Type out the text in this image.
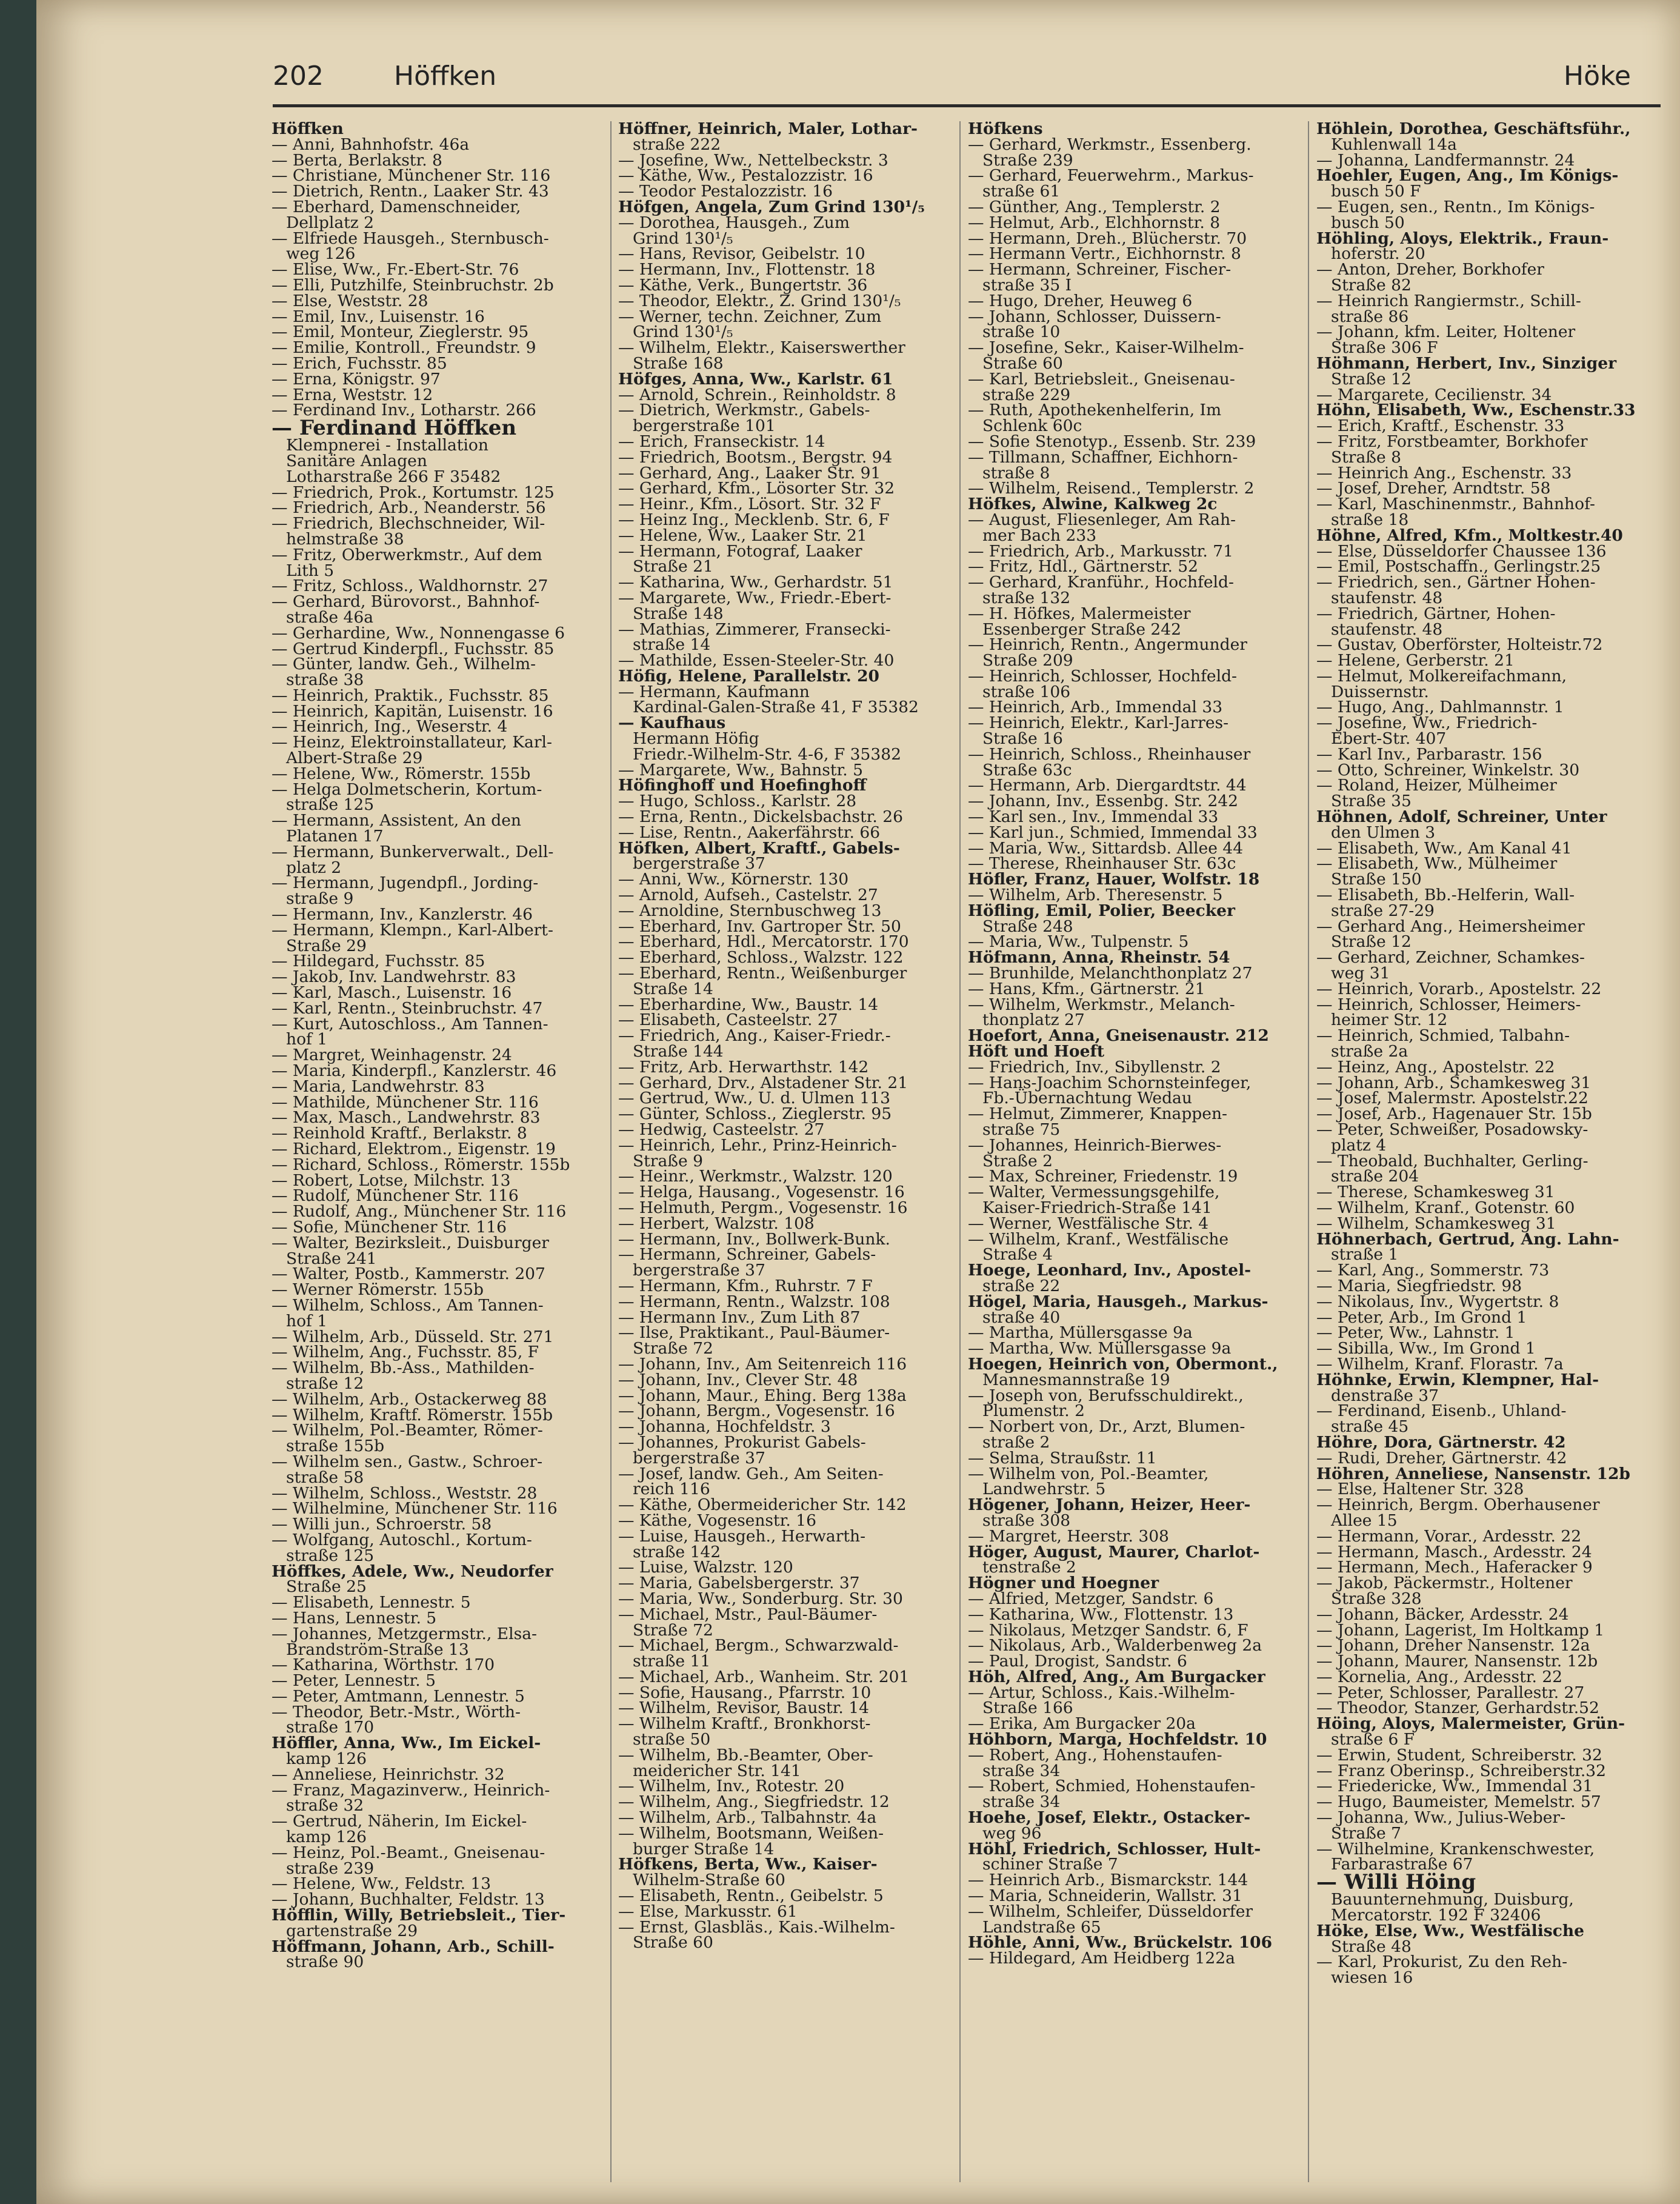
202	Höffken	Höke
Höffken
— Anni, Bahnhofstr. 46a
— Berta, Berlakstr. 8
— Christiane, Münchener Str. 116
— Dietrich, Rentn., Laaker Str. 43
— Eberhard, Damenschneider,
Dellplatz 2
— Elfriede Hausgeh., Sternbusch-
weg 126
— Elise, Ww., Fr.-Ebert-Str. 76
— Elli, Putzhilfe, Steinbruchstr. 2b
— Else, Weststr. 28
— Emil, Inv., Luisenstr. 16
— Emil, Monteur, Zieglerstr. 95
— Emilie, Kontroll., Freundstr. 9
— Erich, Fuchsstr. 85
— Erna, Königstr. 97
— Erna, Weststr. 12
— Ferdinand Inv., Lotharstr. 266
— Ferdinand Höffken
Klempnerei - Installation
Sanitäre Anlagen
Lotharstraße 266 F 35482
— Friedrich, Prok., Kortumstr. 125
— Friedrich, Arb., Neanderstr. 56
— Friedrich, Blechschneider, Wil-
helmstraße 38
— Fritz, Oberwerkmstr., Auf dem
Lith 5
— Fritz, Schloss., Waldhornstr. 27
— Gerhard, Bürovorst., Bahnhof-
straße 46a
— Gerhardine, Ww., Nonnengasse 6
— Gertrud Kinderpfl., Fuchsstr. 85
— Günter, landw. Geh., Wilhelm-
straße 38
— Heinrich, Praktik., Fuchsstr. 85
— Heinrich, Kapitän, Luisenstr. 16
— Heinrich, Ing., Weserstr. 4
— Heinz, Elektroinstallateur, Karl-
Albert-Straße 29
— Helene, Ww., Römerstr. 155b
— Helga Dolmetscherin, Kortum-
straße 125
— Hermann, Assistent, An den
Platanen 17
— Hermann, Bunkerverwalt., Dell-
platz 2
— Hermann, Jugendpfl., Jording-
straße 9
— Hermann, Inv., Kanzlerstr. 46
— Hermann, Klempn., Karl-Albert-
Straße 29
— Hildegard, Fuchsstr. 85
— Jakob, Inv. Landwehrstr. 83
— Karl, Masch., Luisenstr. 16
— Karl, Rentn., Steinbruchstr. 47
— Kurt, Autoschloss., Am Tannen-
hof 1
— Margret, Weinhagenstr. 24
— Maria, Kinderpfl., Kanzlerstr. 46
— Maria, Landwehrstr. 83
— Mathilde, Münchener Str. 116
— Max, Masch., Landwehrstr. 83
— Reinhold Kraftf., Berlakstr. 8
— Richard, Elektrom., Eigenstr. 19
— Richard, Schloss., Römerstr. 155b
— Robert, Lotse, Milchstr. 13
— Rudolf, Münchener Str. 116
— Rudolf, Ang., Münchener Str. 116
— Sofie, Münchener Str. 116
— Walter, Bezirksleit., Duisburger
Straße 241
— Walter, Postb., Kammerstr. 207
— Werner Römerstr. 155b
— Wilhelm, Schloss., Am Tannen-
hof 1
— Wilhelm, Arb., Düsseld. Str. 271
— Wilhelm, Ang., Fuchsstr. 85, F
— Wilhelm, Bb.-Ass., Mathilden-
straße 12
— Wilhelm, Arb., Ostackerweg 88
— Wilhelm, Kraftf. Römerstr. 155b
— Wilhelm, Pol.-Beamter, Römer-
straße 155b
— Wilhelm sen., Gastw., Schroer-
straße 58
— Wilhelm, Schloss., Weststr. 28
— Wilhelmine, Münchener Str. 116
— Willi jun., Schroerstr. 58
— Wolfgang, Autoschl., Kortum-
straße 125
Höffkes, Adele, Ww., Neudorfer
Straße 25
— Elisabeth, Lennestr. 5
— Hans, Lennestr. 5
— Johannes, Metzgermstr., Elsa-
Brandström-Straße 13
— Katharina, Wörthstr. 170
— Peter, Lennestr. 5
— Peter, Amtmann, Lennestr. 5
— Theodor, Betr.-Mstr., Wörth-
straße 170
Höffler, Anna, Ww., Im Eickel-
kamp 126
— Anneliese, Heinrichstr. 32
— Franz, Magazinverw., Heinrich-
straße 32
— Gertrud, Näherin, Im Eickel-
kamp 126
— Heinz, Pol.-Beamt., Gneisenau-
straße 239
— Helene, Ww., Feldstr. 13
— Johann, Buchhalter, Feldstr. 13
Höfflin, Willy, Betriebsleit., Tier-
gartenstraße 29
Höffmann, Johann, Arb., Schill-
straße 90
Höffner, Heinrich, Maler, Lothar-
straße 222
— Josefine, Ww., Nettelbeckstr. 3
— Käthe, Ww., Pestalozzistr. 16
— Teodor Pestalozzistr. 16
Höfgen, Angela, Zum Grind 130¹/₅
— Dorothea, Hausgeh., Zum
Grind 130¹/₅
— Hans, Revisor, Geibelstr. 10
— Hermann, Inv., Flottenstr. 18
— Käthe, Verk., Bungertstr. 36
— Theodor, Elektr., Z. Grind 130¹/₅
— Werner, techn. Zeichner, Zum
Grind 130¹/₅
— Wilhelm, Elektr., Kaiserswerther
Straße 168
Höfges, Anna, Ww., Karlstr. 61
— Arnold, Schrein., Reinholdstr. 8
— Dietrich, Werkmstr., Gabels-
bergerstraße 101
— Erich, Franseckistr. 14
— Friedrich, Bootsm., Bergstr. 94
— Gerhard, Ang., Laaker Str. 91
— Gerhard, Kfm., Lösorter Str. 32
— Heinr., Kfm., Lösort. Str. 32 F
— Heinz Ing., Mecklenb. Str. 6, F
— Helene, Ww., Laaker Str. 21
— Hermann, Fotograf, Laaker
Straße 21
— Katharina, Ww., Gerhardstr. 51
— Margarete, Ww., Friedr.-Ebert-
Straße 148
— Mathias, Zimmerer, Fransecki-
straße 14
— Mathilde, Essen-Steeler-Str. 40
Höfig, Helene, Parallelstr. 20
— Hermann, Kaufmann
Kardinal-Galen-Straße 41, F 35382
— Kaufhaus
Hermann Höfig
Friedr.-Wilhelm-Str. 4-6, F 35382
— Margarete, Ww., Bahnstr. 5
Höfinghoff und Hoefinghoff
— Hugo, Schloss., Karlstr. 28
— Erna, Rentn., Dickelsbachstr. 26
— Lise, Rentn., Aakerfährstr. 66
Höfken, Albert, Kraftf., Gabels-
bergerstraße 37
— Anni, Ww., Körnerstr. 130
— Arnold, Aufseh., Castelstr. 27
— Arnoldine, Sternbuschweg 13
— Eberhard, Inv. Gartroper Str. 50
— Eberhard, Hdl., Mercatorstr. 170
— Eberhard, Schloss., Walzstr. 122
— Eberhard, Rentn., Weißenburger
Straße 14
— Eberhardine, Ww., Baustr. 14
— Elisabeth, Casteelstr. 27
— Friedrich, Ang., Kaiser-Friedr.-
Straße 144
— Fritz, Arb. Herwarthstr. 142
— Gerhard, Drv., Alstadener Str. 21
— Gertrud, Ww., U. d. Ulmen 113
— Günter, Schloss., Zieglerstr. 95
— Hedwig, Casteelstr. 27
— Heinrich, Lehr., Prinz-Heinrich-
Straße 9
— Heinr., Werkmstr., Walzstr. 120
— Helga, Hausang., Vogesenstr. 16
— Helmuth, Pergm., Vogesenstr. 16
— Herbert, Walzstr. 108
— Hermann, Inv., Bollwerk-Bunk.
— Hermann, Schreiner, Gabels-
bergerstraße 37
— Hermann, Kfm., Ruhrstr. 7 F
— Hermann, Rentn., Walzstr. 108
— Hermann Inv., Zum Lith 87
— Ilse, Praktikant., Paul-Bäumer-
Straße 72
— Johann, Inv., Am Seitenreich 116
— Johann, Inv., Clever Str. 48
— Johann, Maur., Ehing. Berg 138a
— Johann, Bergm., Vogesenstr. 16
— Johanna, Hochfeldstr. 3
— Johannes, Prokurist Gabels-
bergerstraße 37
— Josef, landw. Geh., Am Seiten-
reich 116
— Käthe, Obermeidericher Str. 142
— Käthe, Vogesenstr. 16
— Luise, Hausgeh., Herwarth-
straße 142
— Luise, Walzstr. 120
— Maria, Gabelsbergerstr. 37
— Maria, Ww., Sonderburg. Str. 30
— Michael, Mstr., Paul-Bäumer-
Straße 72
— Michael, Bergm., Schwarzwald-
straße 11
— Michael, Arb., Wanheim. Str. 201
— Sofie, Hausang., Pfarrstr. 10
— Wilhelm, Revisor, Baustr. 14
— Wilhelm Kraftf., Bronkhorst-
straße 50
— Wilhelm, Bb.-Beamter, Ober-
meidericher Str. 141
— Wilhelm, Inv., Rotestr. 20
— Wilhelm, Ang., Siegfriedstr. 12
— Wilhelm, Arb., Talbahnstr. 4a
— Wilhelm, Bootsmann, Weißen-
burger Straße 14
Höfkens, Berta, Ww., Kaiser-
Wilhelm-Straße 60
— Elisabeth, Rentn., Geibelstr. 5
— Else, Markusstr. 61
— Ernst, Glasbläs., Kais.-Wilhelm-
Straße 60
Höfkens
— Gerhard, Werkmstr., Essenberg.
Straße 239
— Gerhard, Feuerwehrm., Markus-
straße 61
— Günther, Ang., Templerstr. 2
— Helmut, Arb., Elchhornstr. 8
— Hermann, Dreh., Blücherstr. 70
— Hermann Vertr., Eichhornstr. 8
— Hermann, Schreiner, Fischer-
straße 35 I
— Hugo, Dreher, Heuweg 6
— Johann, Schlosser, Duissern-
straße 10
— Josefine, Sekr., Kaiser-Wilhelm-
Straße 60
— Karl, Betriebsleit., Gneisenau-
straße 229
— Ruth, Apothekenhelferin, Im
Schlenk 60c
— Sofie Stenotyp., Essenb. Str. 239
— Tillmann, Schaffner, Eichhorn-
straße 8
— Wilhelm, Reisend., Templerstr. 2
Höfkes, Alwine, Kalkweg 2c
— August, Fliesenleger, Am Rah-
mer Bach 233
— Friedrich, Arb., Markusstr. 71
— Fritz, Hdl., Gärtnerstr. 52
— Gerhard, Kranführ., Hochfeld-
straße 132
— H. Höfkes, Malermeister
Essenberger Straße 242
— Heinrich, Rentn., Angermunder
Straße 209
— Heinrich, Schlosser, Hochfeld-
straße 106
— Heinrich, Arb., Immendal 33
— Heinrich, Elektr., Karl-Jarres-
Straße 16
— Heinrich, Schloss., Rheinhauser
Straße 63c
— Hermann, Arb. Diergardtstr. 44
— Johann, Inv., Essenbg. Str. 242
— Karl sen., Inv., Immendal 33
— Karl jun., Schmied, Immendal 33
— Maria, Ww., Sittardsb. Allee 44
— Therese, Rheinhauser Str. 63c
Höfler, Franz, Hauer, Wolfstr. 18
— Wilhelm, Arb. Theresenstr. 5
Höfling, Emil, Polier, Beecker
Straße 248
— Maria, Ww., Tulpenstr. 5
Höfmann, Anna, Rheinstr. 54
— Brunhilde, Melanchthonplatz 27
— Hans, Kfm., Gärtnerstr. 21
— Wilhelm, Werkmstr., Melanch-
thonplatz 27
Hoefort, Anna, Gneisenaustr. 212
Höft und Hoeft
— Friedrich, Inv., Sibyllenstr. 2
— Hans-Joachim Schornsteinfeger,
Fb.-Übernachtung Wedau
— Helmut, Zimmerer, Knappen-
straße 75
— Johannes, Heinrich-Bierwes-
Straße 2
— Max, Schreiner, Friedenstr. 19
— Walter, Vermessungsgehilfe,
Kaiser-Friedrich-Straße 141
— Werner, Westfälische Str. 4
— Wilhelm, Kranf., Westfälische
Straße 4
Hoege, Leonhard, Inv., Apostel-
straße 22
Högel, Maria, Hausgeh., Markus-
straße 40
— Martha, Müllersgasse 9a
— Martha, Ww. Müllersgasse 9a
Hoegen, Heinrich von, Obermont.,
Mannesmannstraße 19
— Joseph von, Berufsschuldirekt.,
Plumenstr. 2
— Norbert von, Dr., Arzt, Blumen-
straße 2
— Selma, Straußstr. 11
— Wilhelm von, Pol.-Beamter,
Landwehrstr. 5
Högener, Johann, Heizer, Heer-
straße 308
— Margret, Heerstr. 308
Höger, August, Maurer, Charlot-
tenstraße 2
Högner und Hoegner
— Alfried, Metzger, Sandstr. 6
— Katharina, Ww., Flottenstr. 13
— Nikolaus, Metzger Sandstr. 6, F
— Nikolaus, Arb., Walderbenweg 2a
— Paul, Drogist, Sandstr. 6
Höh, Alfred, Ang., Am Burgacker
— Artur, Schloss., Kais.-Wilhelm-
Straße 166
— Erika, Am Burgacker 20a
Höhborn, Marga, Hochfeldstr. 10
— Robert, Ang., Hohenstaufen-
straße 34
— Robert, Schmied, Hohenstaufen-
straße 34
Hoehe, Josef, Elektr., Ostacker-
weg 96
Höhl, Friedrich, Schlosser, Hult-
schiner Straße 7
— Heinrich Arb., Bismarckstr. 144
— Maria, Schneiderin, Wallstr. 31
— Wilhelm, Schleifer, Düsseldorfer
Landstraße 65
Höhle, Anni, Ww., Brückelstr. 106
— Hildegard, Am Heidberg 122a
Höhlein, Dorothea, Geschäftsführ.,
Kuhlenwall 14a
— Johanna, Landfermannstr. 24
Hoehler, Eugen, Ang., Im Königs-
busch 50 F
— Eugen, sen., Rentn., Im Königs-
busch 50
Höhling, Aloys, Elektrik., Fraun-
hoferstr. 20
— Anton, Dreher, Borkhofer
Straße 82
— Heinrich Rangiermstr., Schill-
straße 86
— Johann, kfm. Leiter, Holtener
Straße 306 F
Höhmann, Herbert, Inv., Sinziger
Straße 12
— Margarete, Cecilienstr. 34
Höhn, Elisabeth, Ww., Eschenstr.33
— Erich, Kraftf., Eschenstr. 33
— Fritz, Forstbeamter, Borkhofer
Straße 8
— Heinrich Ang., Eschenstr. 33
— Josef, Dreher, Arndtstr. 58
— Karl, Maschinenmstr., Bahnhof-
straße 18
Höhne, Alfred, Kfm., Moltkestr.40
— Else, Düsseldorfer Chaussee 136
— Emil, Postschaffn., Gerlingstr.25
— Friedrich, sen., Gärtner Hohen-
staufenstr. 48
— Friedrich, Gärtner, Hohen-
staufenstr. 48
— Gustav, Oberförster, Holteistr.72
— Helene, Gerberstr. 21
— Helmut, Molkereifachmann,
Duissernstr.
— Hugo, Ang., Dahlmannstr. 1
— Josefine, Ww., Friedrich-
Ebert-Str. 407
— Karl Inv., Parbarastr. 156
— Otto, Schreiner, Winkelstr. 30
— Roland, Heizer, Mülheimer
Straße 35
Höhnen, Adolf, Schreiner, Unter
den Ulmen 3
— Elisabeth, Ww., Am Kanal 41
— Elisabeth, Ww., Mülheimer
Straße 150
— Elisabeth, Bb.-Helferin, Wall-
straße 27-29
— Gerhard Ang., Heimersheimer
Straße 12
— Gerhard, Zeichner, Schamkes-
weg 31
— Heinrich, Vorarb., Apostelstr. 22
— Heinrich, Schlosser, Heimers-
heimer Str. 12
— Heinrich, Schmied, Talbahn-
straße 2a
— Heinz, Ang., Apostelstr. 22
— Johann, Arb., Schamkesweg 31
— Josef, Malermstr. Apostelstr.22
— Josef, Arb., Hagenauer Str. 15b
— Peter, Schweißer, Posadowsky-
platz 4
— Theobald, Buchhalter, Gerling-
straße 204
— Therese, Schamkesweg 31
— Wilhelm, Kranf., Gotenstr. 60
— Wilhelm, Schamkesweg 31
Höhnerbach, Gertrud, Ang. Lahn-
straße 1
— Karl, Ang., Sommerstr. 73
— Maria, Siegfriedstr. 98
— Nikolaus, Inv., Wygertstr. 8
— Peter, Arb., Im Grond 1
— Peter, Ww., Lahnstr. 1
— Sibilla, Ww., Im Grond 1
— Wilhelm, Kranf. Florastr. 7a
Höhnke, Erwin, Klempner, Hal-
denstraße 37
— Ferdinand, Eisenb., Uhland-
straße 45
Höhre, Dora, Gärtnerstr. 42
— Rudi, Dreher, Gärtnerstr. 42
Höhren, Anneliese, Nansenstr. 12b
— Else, Haltener Str. 328
— Heinrich, Bergm. Oberhausener
Allee 15
— Hermann, Vorar., Ardesstr. 22
— Hermann, Masch., Ardesstr. 24
— Hermann, Mech., Haferacker 9
— Jakob, Päckermstr., Holtener
Straße 328
— Johann, Bäcker, Ardesstr. 24
— Johann, Lagerist, Im Holtkamp 1
— Johann, Dreher Nansenstr. 12a
— Johann, Maurer, Nansenstr. 12b
— Kornelia, Ang., Ardesstr. 22
— Peter, Schlosser, Parallestr. 27
— Theodor, Stanzer, Gerhardstr.52
Höing, Aloys, Malermeister, Grün-
straße 6 F
— Erwin, Student, Schreiberstr. 32
— Franz Oberinsp., Schreiberstr.32
— Friedericke, Ww., Immendal 31
— Hugo, Baumeister, Memelstr. 57
— Johanna, Ww., Julius-Weber-
Straße 7
— Wilhelmine, Krankenschwester,
Farbarastraße 67
— Willi Höing
Bauunternehmung, Duisburg,
Mercatorstr. 192 F 32406
Höke, Else, Ww., Westfälische
Straße 48
— Karl, Prokurist, Zu den Reh-
wiesen 16
